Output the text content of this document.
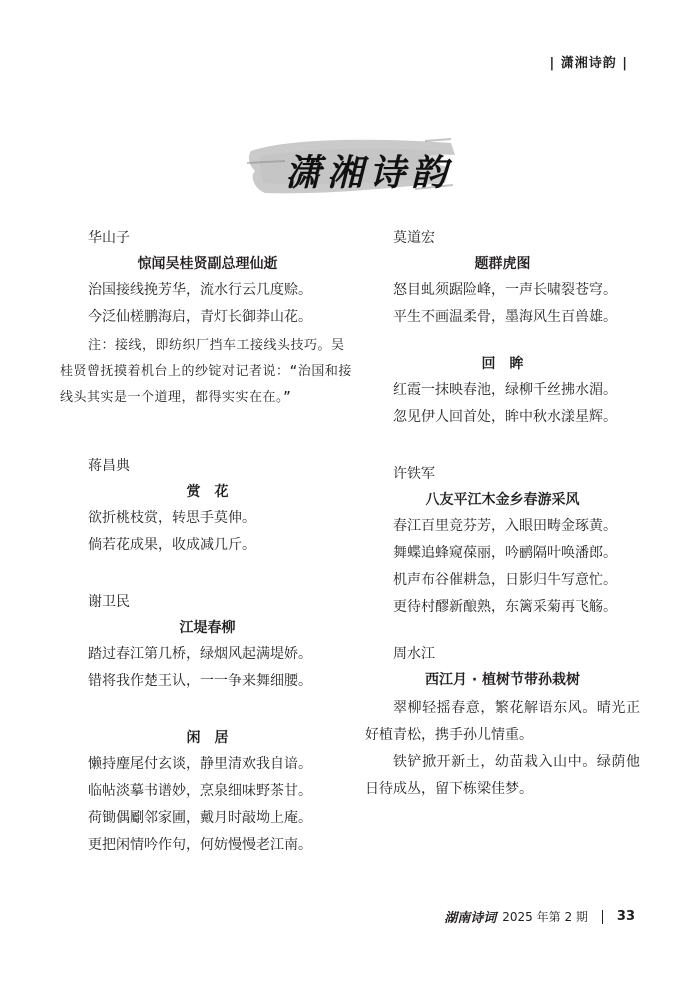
| 潇湘诗韵 |
潇湘诗韵
华山子
惊闻吴桂贤副总理仙逝
治国接线挽芳华，流水行云几度赊。
今泛仙槎鹏海启，青灯长御莽山花。

注：接线，即纺织厂挡车工接线头技巧。吴桂贤曾抚摸着机台上的纱锭对记者说：“治国和接线头其实是一个道理，都得实实在在。”

蒋昌典
赏　花
欲折桃枝赏，转思手莫伸。
倘若花成果，收成减几斤。
谢卫民
江堤春柳
踏过春江第几桥，绿烟风起满堤娇。
错将我作楚王认，一一争来舞细腰。
闲　居
懒持麈尾付玄谈，静里清欢我自谙。
临帖淡摹书谱妙，烹泉细味野茶甘。
荷锄偶劚邻家圃，戴月时敲坳上庵。
更把闲情吟作句，何妨慢慢老江南。
莫道宏
题群虎图
怒目虬须踞险峰，一声长啸裂苍穹。
平生不画温柔骨，墨海风生百兽雄。
回　眸
红霞一抹映春池，绿柳千丝拂水湄。
忽见伊人回首处，眸中秋水漾星辉。
许铁军
八友平江木金乡春游采风
春江百里竞芬芳，入眼田畴金琢黄。
舞蝶追蜂窥葆丽，吟鹂隔叶唤潘郎。
机声布谷催耕急，日影归牛写意忙。
更待村醪新酿熟，东篱采菊再飞觞。
周水江
西江月 · 植树节带孙栽树

翠柳轻摇春意，繁花解语东风。晴光正好植青松，携手孙儿情重。

铁铲掀开新土，幼苗栽入山中。绿荫他日待成丛，留下栋梁佳梦。

湖南诗词 2025 年第 2 期 33
